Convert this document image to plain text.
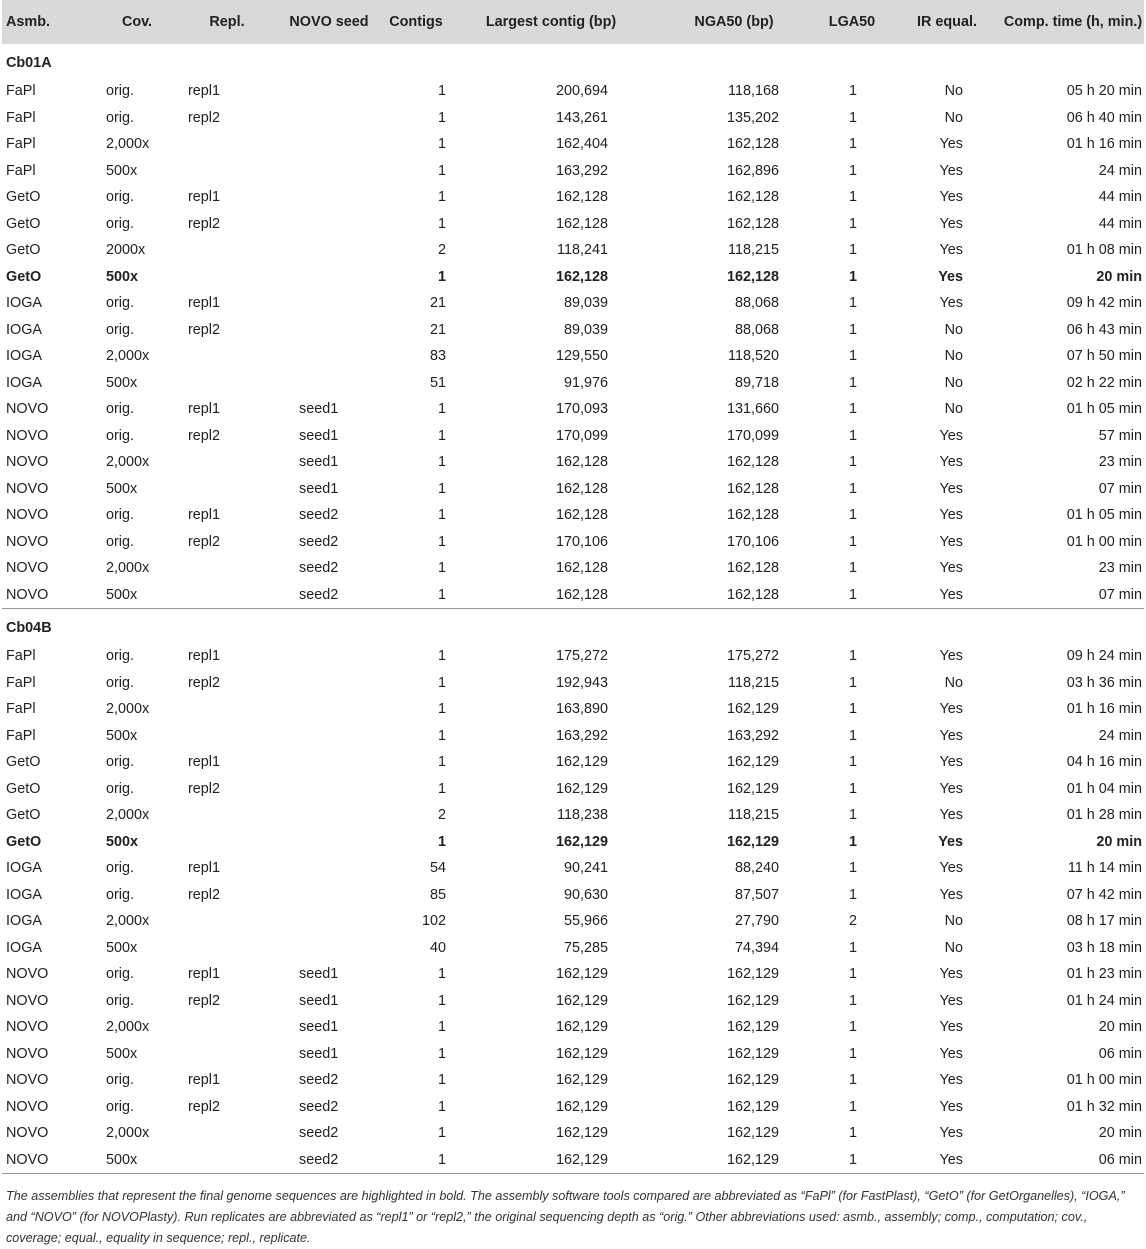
Asmb.	Cov.	Repl.	NOVO seed	Contigs	Largest contig (bp)	NGA50 (bp)	LGA50	IR equal.	Comp. time (h, min.)
Cb01A									
FaPl	orig.	repl1		1	200,694	118,168	1	No	05 h 20 min
FaPl	orig.	repl2		1	143,261	135,202	1	No	06 h 40 min
FaPl	2,000x			1	162,404	162,128	1	Yes	01 h 16 min
FaPl	500x			1	163,292	162,896	1	Yes	24 min
GetO	orig.	repl1		1	162,128	162,128	1	Yes	44 min
GetO	orig.	repl2		1	162,128	162,128	1	Yes	44 min
GetO	2000x			2	118,241	118,215	1	Yes	01 h 08 min
GetO	500x			1	162,128	162,128	1	Yes	20 min
IOGA	orig.	repl1		21	89,039	88,068	1	Yes	09 h 42 min
IOGA	orig.	repl2		21	89,039	88,068	1	No	06 h 43 min
IOGA	2,000x			83	129,550	118,520	1	No	07 h 50 min
IOGA	500x			51	91,976	89,718	1	No	02 h 22 min
NOVO	orig.	repl1	seed1	1	170,093	131,660	1	No	01 h 05 min
NOVO	orig.	repl2	seed1	1	170,099	170,099	1	Yes	57 min
NOVO	2,000x		seed1	1	162,128	162,128	1	Yes	23 min
NOVO	500x		seed1	1	162,128	162,128	1	Yes	07 min
NOVO	orig.	repl1	seed2	1	162,128	162,128	1	Yes	01 h 05 min
NOVO	orig.	repl2	seed2	1	170,106	170,106	1	Yes	01 h 00 min
NOVO	2,000x		seed2	1	162,128	162,128	1	Yes	23 min
NOVO	500x		seed2	1	162,128	162,128	1	Yes	07 min
Cb04B									
FaPl	orig.	repl1		1	175,272	175,272	1	Yes	09 h 24 min
FaPl	orig.	repl2		1	192,943	118,215	1	No	03 h 36 min
FaPl	2,000x			1	163,890	162,129	1	Yes	01 h 16 min
FaPl	500x			1	163,292	163,292	1	Yes	24 min
GetO	orig.	repl1		1	162,129	162,129	1	Yes	04 h 16 min
GetO	orig.	repl2		1	162,129	162,129	1	Yes	01 h 04 min
GetO	2,000x			2	118,238	118,215	1	Yes	01 h 28 min
GetO	500x			1	162,129	162,129	1	Yes	20 min
IOGA	orig.	repl1		54	90,241	88,240	1	Yes	11 h 14 min
IOGA	orig.	repl2		85	90,630	87,507	1	Yes	07 h 42 min
IOGA	2,000x			102	55,966	27,790	2	No	08 h 17 min
IOGA	500x			40	75,285	74,394	1	No	03 h 18 min
NOVO	orig.	repl1	seed1	1	162,129	162,129	1	Yes	01 h 23 min
NOVO	orig.	repl2	seed1	1	162,129	162,129	1	Yes	01 h 24 min
NOVO	2,000x		seed1	1	162,129	162,129	1	Yes	20 min
NOVO	500x		seed1	1	162,129	162,129	1	Yes	06 min
NOVO	orig.	repl1	seed2	1	162,129	162,129	1	Yes	01 h 00 min
NOVO	orig.	repl2	seed2	1	162,129	162,129	1	Yes	01 h 32 min
NOVO	2,000x		seed2	1	162,129	162,129	1	Yes	20 min
NOVO	500x		seed2	1	162,129	162,129	1	Yes	06 min
The assemblies that represent the final genome sequences are highlighted in bold. The assembly software tools compared are abbreviated as “FaPl” (for FastPlast), “GetO” (for GetOrganelles), “IOGA,” and “NOVO” (for NOVOPlasty). Run replicates are abbreviated as “repl1” or “repl2,” the original sequencing depth as “orig.” Other abbreviations used: asmb., assembly; comp., computation; cov., coverage; equal., equality in sequence; repl., replicate.
